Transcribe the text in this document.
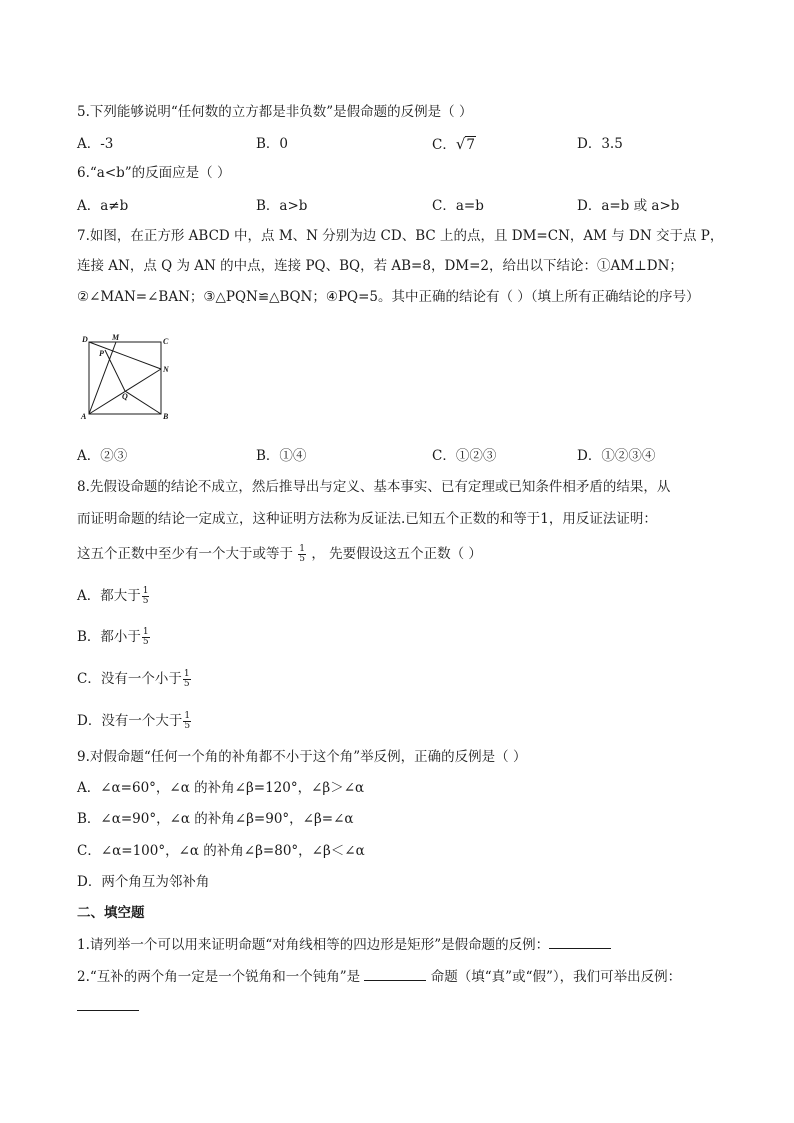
5.下列能够说明“任何数的立方都是非负数”是假命题的反例是（ ）
A．-3	B．0	C．√7	D．3.5
6.“a<b”的反面应是（ ）
A．a≠b	B．a>b	C．a=b	D．a=b 或 a>b
7.如图，在正方形 ABCD 中，点 M、N 分别为边 CD、BC 上的点，且 DM=CN，AM 与 DN 交于点 P，
连接 AN，点 Q 为 AN 的中点，连接 PQ、BQ，若 AB=8，DM=2，给出以下结论：①AM⊥DN；
②∠MAN=∠BAN；③△PQN≌△BQN；④PQ=5。其中正确的结论有（ ）（填上所有正确结论的序号）
D	M	C
P
N
Q
A	B
A．②③	B．①④	C．①②③	D．①②③④
8.先假设命题的结论不成立，然后推导出与定义、基本事实、已有定理或已知条件相矛盾的结果，从
而证明命题的结论一定成立，这种证明方法称为反证法.已知五个正数的和等于1，用反证法证明：
这五个正数中至少有一个大于或等于 $\frac{1}{5}$ ， 先要假设这五个正数（ ）
A．都大于 $\frac{1}{5}$
B．都小于 $\frac{1}{5}$
C．没有一个小于 $\frac{1}{5}$
D．没有一个大于 $\frac{1}{5}$
9.对假命题“任何一个角的补角都不小于这个角”举反例，正确的反例是（ ）
A．∠α=60°，∠α 的补角∠β=120°，∠β＞∠α
B．∠α=90°，∠α 的补角∠β=90°，∠β=∠α
C．∠α=100°，∠α 的补角∠β=80°，∠β＜∠α
D．两个角互为邻补角
二、填空题
1.请列举一个可以用来证明命题“对角线相等的四边形是矩形”是假命题的反例：
2.“互补的两个角一定是一个锐角和一个钝角”是	命题（填“真”或“假”），我们可举出反例：
